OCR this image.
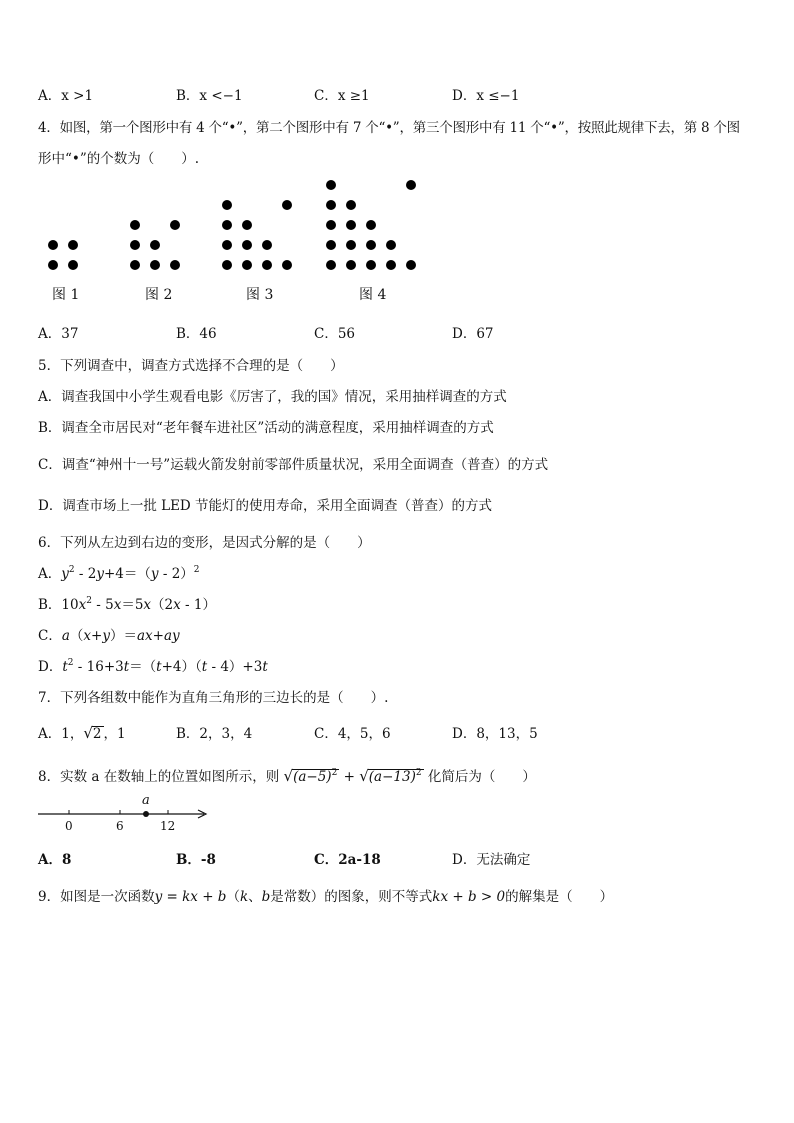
A．x >1	B．x <−1	C．x ≥1	D．x ≤−1
4．如图，第一个图形中有 4 个“•”，第二个图形中有 7 个“•”，第三个图形中有 11 个“•”，按照此规律下去，第 8 个图
形中“•”的个数为（　　）.
图 1	图 2	图 3	图 4
A．37	B．46	C．56	D．67
5．下列调查中，调查方式选择不合理的是（　　）
A．调查我国中小学生观看电影《厉害了，我的国》情况，采用抽样调查的方式
B．调查全市居民对“老年餐车进社区”活动的满意程度，采用抽样调查的方式
C．调查“神州十一号”运载火箭发射前零部件质量状况，采用全面调查（普查）的方式
D．调查市场上一批 LED 节能灯的使用寿命，采用全面调查（普查）的方式
6．下列从左边到右边的变形，是因式分解的是（　　）
A．$y^2 - 2y+4=(y - 2)^2$
B．$10x^2 - 5x=5x(2x - 1)$
C．a（x+y）＝ax+ay
D．$t^2 - 16+3t=(t+4)(t - 4)+3t$
7．下列各组数中能作为直角三角形的三边长的是（　　）.
A．1，√2 ，1	B．2，3，4	C．4，5，6	D．8，13，5
8．实数 a 在数轴上的位置如图所示，则 $√(a-5)^2 + √(a-13)^2$ 化简后为（　　）
a
0	6	12
A．8	B．-8	C．2a-18	D．无法确定
9．如图是一次函数y = kx + b（k、b是常数）的图象，则不等式kx + b > 0的解集是（　　）
